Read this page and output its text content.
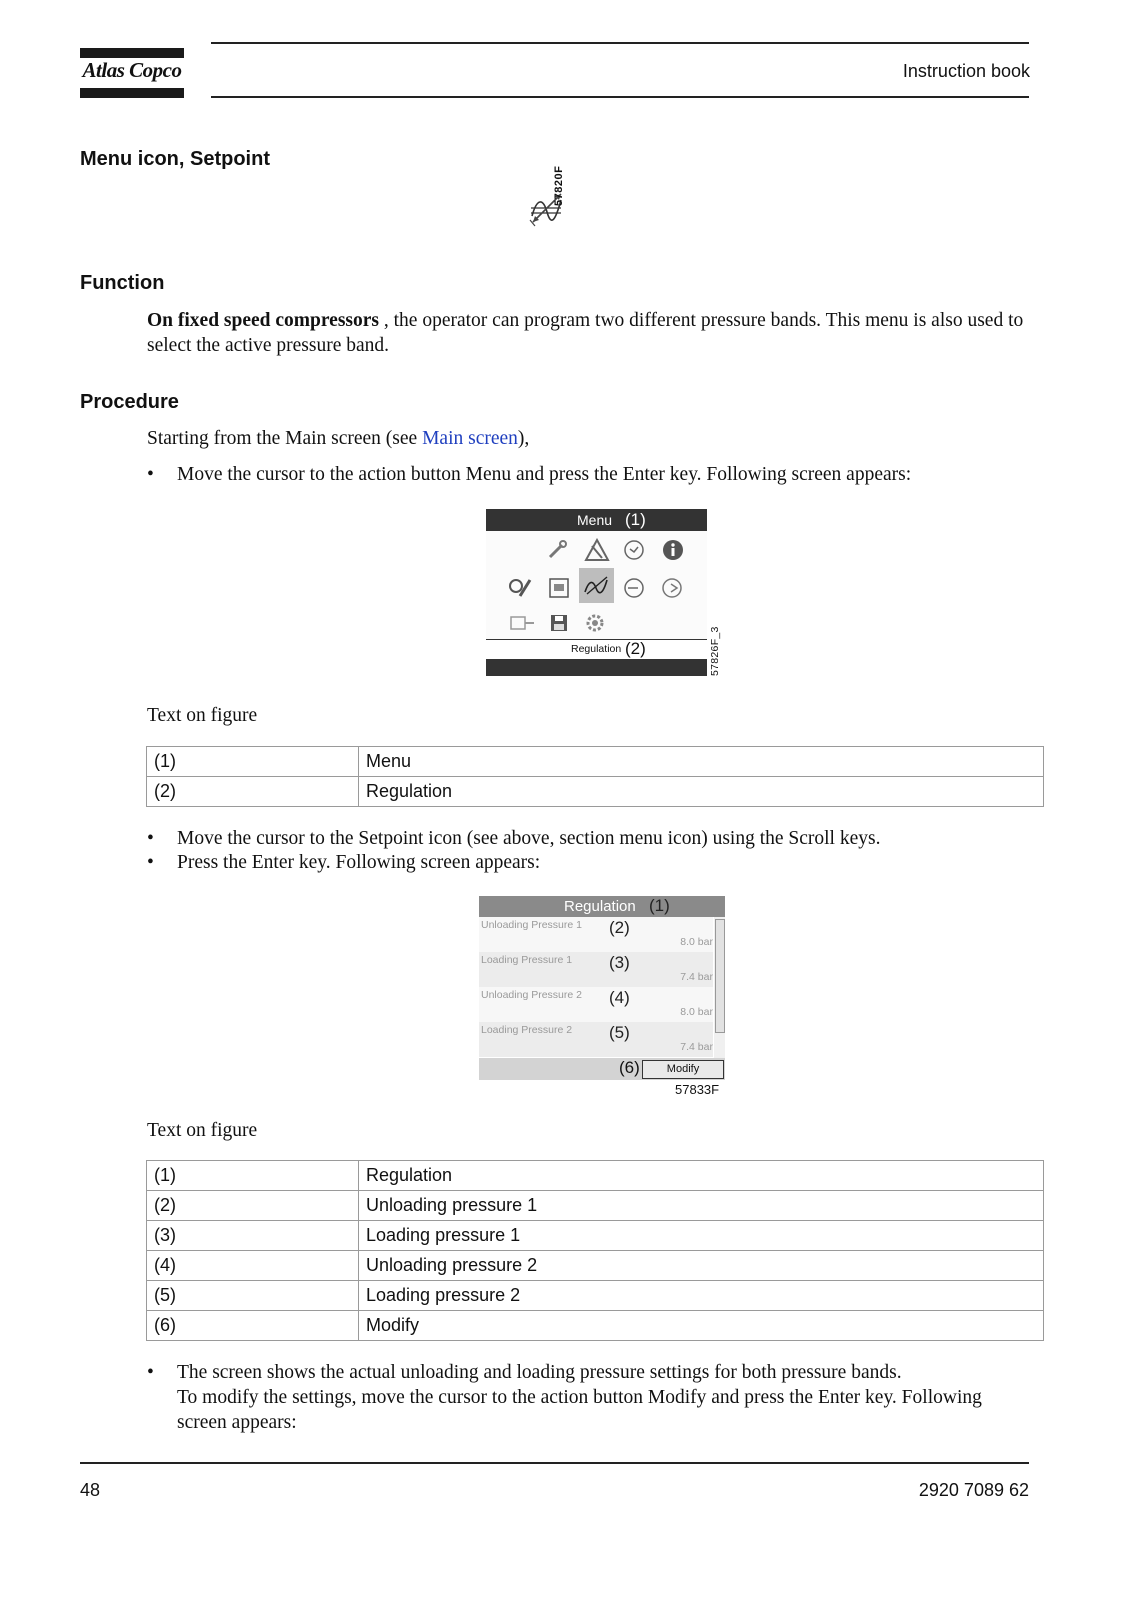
Atlas Copco	Instruction book
Menu icon, Setpoint
57820F
Function
On fixed speed compressors , the operator can program two different pressure bands. This menu is also used to select the active pressure band.
Procedure
Starting from the Main screen (see Main screen),
• Move the cursor to the action button Menu and press the Enter key. Following screen appears:
Menu (1)
Regulation (2)	57826F_3
Text on figure
(1)	Menu
(2)	Regulation
• Move the cursor to the Setpoint icon (see above, section menu icon) using the Scroll keys.
• Press the Enter key. Following screen appears:
Regulation (1)
Unloading Pressure 1 (2)
8.0 bar
Loading Pressure 1 (3)
7.4 bar
Unloading Pressure 2 (4)
8.0 bar
Loading Pressure 2 (5)
7.4 bar
(6)	Modify
57833F
Text on figure
(1)	Regulation
(2)	Unloading pressure 1
(3)	Loading pressure 1
(4)	Unloading pressure 2
(5)	Loading pressure 2
(6)	Modify
• The screen shows the actual unloading and loading pressure settings for both pressure bands.
To modify the settings, move the cursor to the action button Modify and press the Enter key. Following
screen appears:
48	2920 7089 62
